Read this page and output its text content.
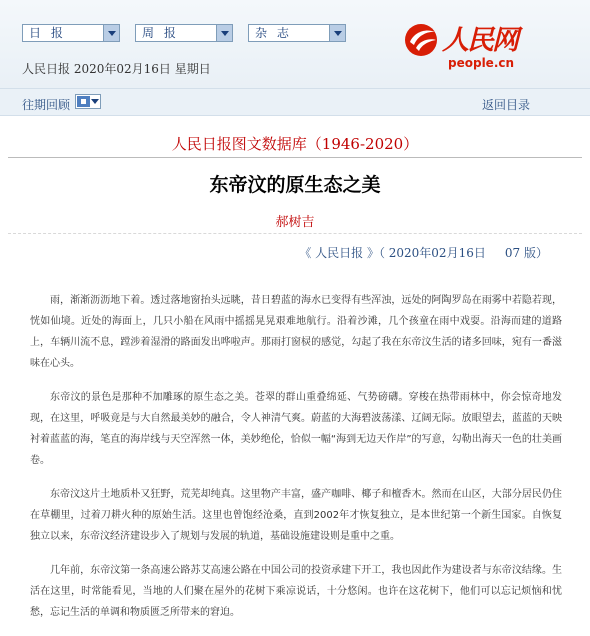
日 报	周 报	杂 志
人民日报 2020年02月16日 星期日
人民网
people.cn
往期回顾	返回目录
人民日报图文数据库（1946-2020）
东帝汶的原生态之美
郝树吉
《 人民日报 》（ 2020年02月16日     07 版）

雨，渐渐沥沥地下着。透过落地窗抬头远眺，昔日碧蓝的海水已变得有些浑浊，远处的阿陶罗岛在雨雾中若隐若现，恍如仙境。近处的海面上，几只小船在风雨中摇摇晃晃艰难地航行。沿着沙滩，几个孩童在雨中戏耍。沿海而建的道路上，车辆川流不息，蹚涉着湿滑的路面发出哗啦声。那雨打窗棂的感觉，勾起了我在东帝汶生活的诸多回味，宛有一番滋味在心头。

东帝汶的景色是那种不加雕琢的原生态之美。苍翠的群山重叠绵延、气势磅礴。穿梭在热带雨林中，你会惊奇地发现，在这里，呼吸竟是与大自然最美妙的融合，令人神清气爽。蔚蓝的大海碧波荡漾、辽阔无际。放眼望去，蓝蓝的天映衬着蓝蓝的海，笔直的海岸线与天空浑然一体，美妙绝伦，恰似一幅“海到无边天作岸”的写意，勾勒出海天一色的壮美画卷。

东帝汶这片土地质朴又狂野，荒芜却纯真。这里物产丰富，盛产咖啡、椰子和檀香木。然而在山区，大部分居民仍住在草棚里，过着刀耕火种的原始生活。这里也曾饱经沧桑，直到2002年才恢复独立，是本世纪第一个新生国家。自恢复独立以来，东帝汶经济建设步入了规划与发展的轨道，基础设施建设则是重中之重。

几年前，东帝汶第一条高速公路苏艾高速公路在中国公司的投资承建下开工，我也因此作为建设者与东帝汶结缘。生活在这里，时常能看见，当地的人们聚在屋外的花树下乘凉说话，十分悠闲。也许在这花树下，他们可以忘记烦恼和忧愁，忘记生活的单调和物质匮乏所带来的窘迫。
